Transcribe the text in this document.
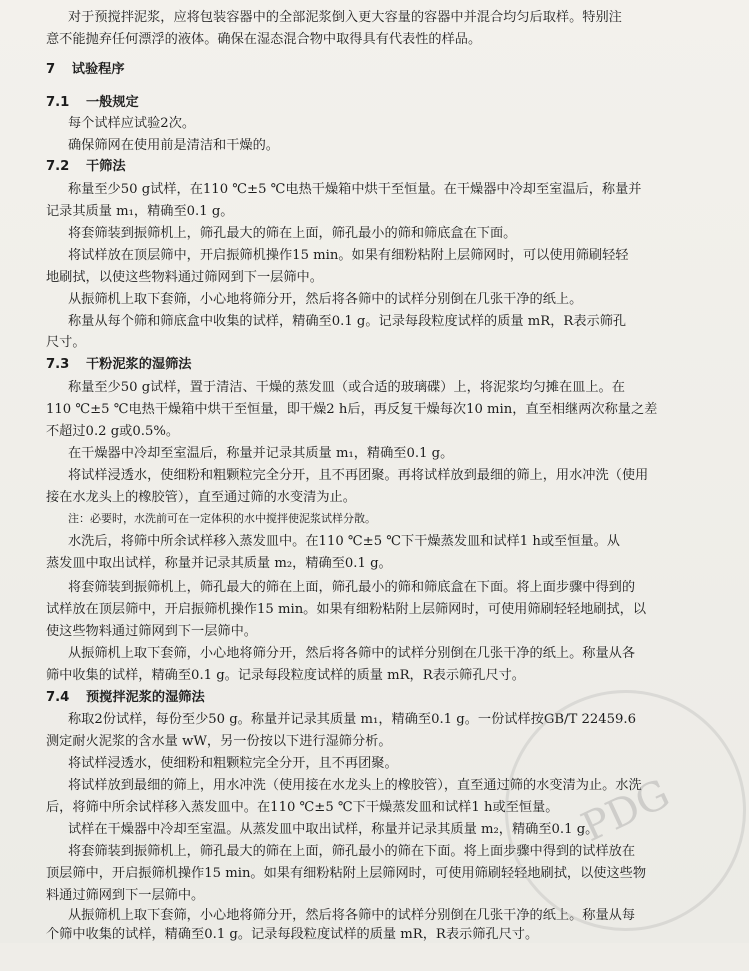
对于预搅拌泥浆，应将包装容器中的全部泥浆倒入更大容量的容器中并混合均匀后取样。特别注
意不能抛弃任何漂浮的液体。确保在湿态混合物中取得具有代表性的样品。
7 试验程序
7.1 一般规定
每个试样应试验2次。
确保筛网在使用前是清洁和干燥的。
7.2 干筛法
称量至少50 g试样，在110 ℃±5 ℃电热干燥箱中烘干至恒量。在干燥器中冷却至室温后，称量并
记录其质量 m₁，精确至0.1 g。
将套筛装到振筛机上，筛孔最大的筛在上面，筛孔最小的筛和筛底盒在下面。
将试样放在顶层筛中，开启振筛机操作15 min。如果有细粉粘附上层筛网时，可以使用筛刷轻轻
地刷拭，以使这些物料通过筛网到下一层筛中。
从振筛机上取下套筛，小心地将筛分开，然后将各筛中的试样分别倒在几张干净的纸上。
称量从每个筛和筛底盒中收集的试样，精确至0.1 g。记录每段粒度试样的质量 mR，R表示筛孔
尺寸。
7.3 干粉泥浆的湿筛法
称量至少50 g试样，置于清洁、干燥的蒸发皿（或合适的玻璃碟）上，将泥浆均匀摊在皿上。在
110 ℃±5 ℃电热干燥箱中烘干至恒量，即干燥2 h后，再反复干燥每次10 min，直至相继两次称量之差
不超过0.2 g或0.5%。
在干燥器中冷却至室温后，称量并记录其质量 m₁，精确至0.1 g。
将试样浸透水，使细粉和粗颗粒完全分开，且不再团聚。再将试样放到最细的筛上，用水冲洗（使用
接在水龙头上的橡胶管），直至通过筛的水变清为止。
注：必要时，水洗前可在一定体积的水中搅拌使泥浆试样分散。
水洗后，将筛中所余试样移入蒸发皿中。在110 ℃±5 ℃下干燥蒸发皿和试样1 h或至恒量。从
蒸发皿中取出试样，称量并记录其质量 m₂，精确至0.1 g。
将套筛装到振筛机上，筛孔最大的筛在上面，筛孔最小的筛和筛底盒在下面。将上面步骤中得到的
试样放在顶层筛中，开启振筛机操作15 min。如果有细粉粘附上层筛网时，可使用筛刷轻轻地刷拭，以
使这些物料通过筛网到下一层筛中。
从振筛机上取下套筛，小心地将筛分开，然后将各筛中的试样分别倒在几张干净的纸上。称量从各
筛中收集的试样，精确至0.1 g。记录每段粒度试样的质量 mR，R表示筛孔尺寸。
7.4 预搅拌泥浆的湿筛法
称取2份试样，每份至少50 g。称量并记录其质量 m₁，精确至0.1 g。一份试样按GB/T 22459.6
测定耐火泥浆的含水量 wW，另一份按以下进行湿筛分析。
将试样浸透水，使细粉和粗颗粒完全分开，且不再团聚。
将试样放到最细的筛上，用水冲洗（使用接在水龙头上的橡胶管），直至通过筛的水变清为止。水洗
后，将筛中所余试样移入蒸发皿中。在110 ℃±5 ℃下干燥蒸发皿和试样1 h或至恒量。
试样在干燥器中冷却至室温。从蒸发皿中取出试样，称量并记录其质量 m₂，精确至0.1 g。
将套筛装到振筛机上，筛孔最大的筛在上面，筛孔最小的筛在下面。将上面步骤中得到的试样放在
顶层筛中，开启振筛机操作15 min。如果有细粉粘附上层筛网时，可使用筛刷轻轻地刷拭，以使这些物
料通过筛网到下一层筛中。
从振筛机上取下套筛，小心地将筛分开，然后将各筛中的试样分别倒在几张干净的纸上。称量从每
个筛中收集的试样，精确至0.1 g。记录每段粒度试样的质量 mR，R表示筛孔尺寸。
PDG
